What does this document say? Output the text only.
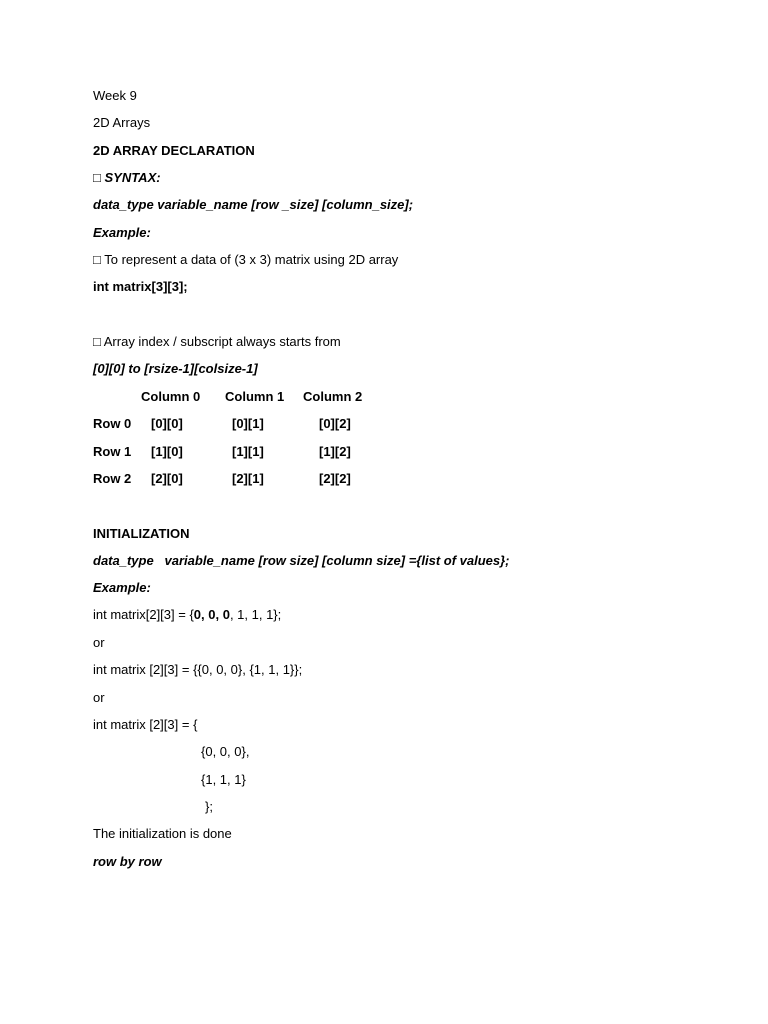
Week 9
2D Arrays
2D ARRAY DECLARATION
□ SYNTAX:
data_type variable_name [row _size] [column_size];
Example:
□ To represent a data of (3 x 3) matrix using 2D array
int matrix[3][3];
□ Array index / subscript always starts from
[0][0] to [rsize-1][colsize-1]
Column 0 Column 1 Column 2
Row 0 [0][0]	[0][1]	[0][2]
Row 1 [1][0]	[1][1]	[1][2]
Row 2 [2][0]	[2][1]	[2][2]
INITIALIZATION
data_type   variable_name [row size] [column size] ={list of values};
Example:
int matrix[2][3] = {0, 0, 0, 1, 1, 1};
or
int matrix [2][3] = {{0, 0, 0}, {1, 1, 1}};
or
int matrix [2][3] = {
{0, 0, 0},
{1, 1, 1}
};
The initialization is done
row by row
